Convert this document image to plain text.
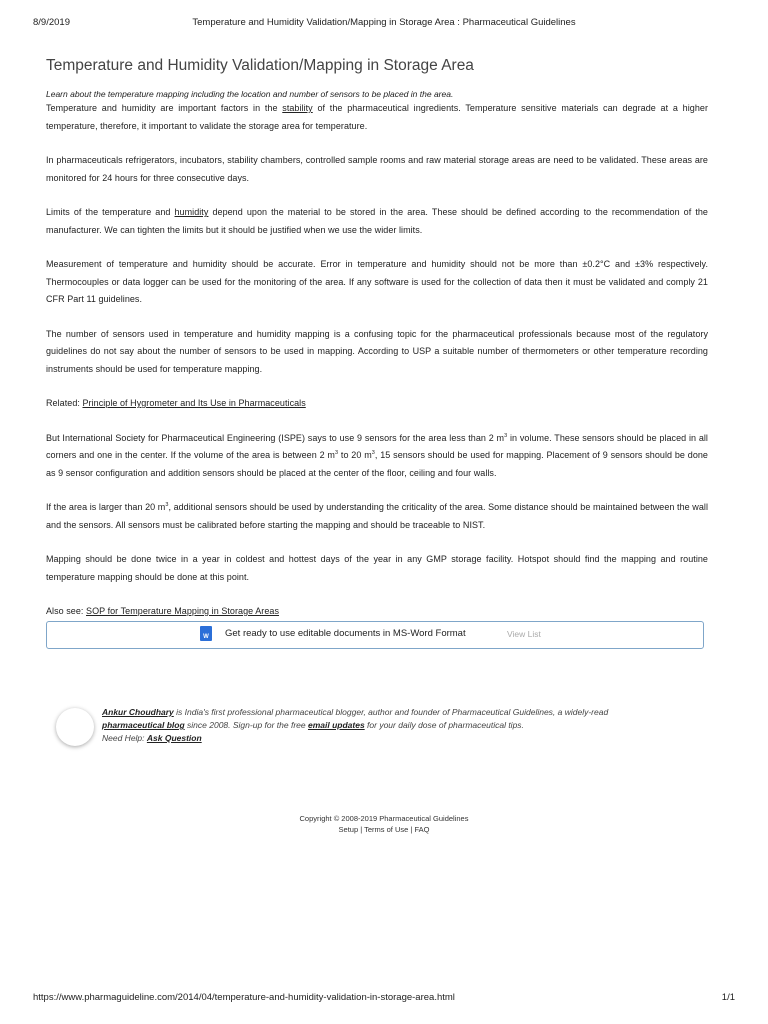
8/9/2019	Temperature and Humidity Validation/Mapping in Storage Area : Pharmaceutical Guidelines
Temperature and Humidity Validation/Mapping in Storage Area

Learn about the temperature mapping including the location and number of sensors to be placed in the area.

Temperature and humidity are important factors in the stability of the pharmaceutical ingredients. Temperature sensitive materials can degrade at a higher temperature, therefore, it important to validate the storage area for temperature.

In pharmaceuticals refrigerators, incubators, stability chambers, controlled sample rooms and raw material storage areas are need to be validated. These areas are monitored for 24 hours for three consecutive days.

Limits of the temperature and humidity depend upon the material to be stored in the area. These should be defined according to the recommendation of the manufacturer. We can tighten the limits but it should be justified when we use the wider limits.

Measurement of temperature and humidity should be accurate. Error in temperature and humidity should not be more than ±0.2°C and ±3% respectively. Thermocouples or data logger can be used for the monitoring of the area. If any software is used for the collection of data then it must be validated and comply 21 CFR Part 11 guidelines.

The number of sensors used in temperature and humidity mapping is a confusing topic for the pharmaceutical professionals because most of the regulatory guidelines do not say about the number of sensors to be used in mapping. According to USP a suitable number of thermometers or other temperature recording instruments should be used for temperature mapping.

Related: Principle of Hygrometer and Its Use in Pharmaceuticals

But International Society for Pharmaceutical Engineering (ISPE) says to use 9 sensors for the area less than 2 $m^3$ in volume. These sensors should be placed in all corners and one in the center. If the volume of the area is between 2 $m^3$ to 20 $m^3$, 15 sensors should be used for mapping. Placement of 9 sensors should be done as 9 sensor configuration and addition sensors should be placed at the center of the floor, ceiling and four walls.

If the area is larger than 20 $m^3$, additional sensors should be used by understanding the criticality of the area. Some distance should be maintained between the wall and the sensors. All sensors must be calibrated before starting the mapping and should be traceable to NIST.

Mapping should be done twice in a year in coldest and hottest days of the year in any GMP storage facility. Hotspot should find the mapping and routine temperature mapping should be done at this point.

Also see: SOP for Temperature Mapping in Storage Areas

W	Get ready to use editable documents in MS-Word Format	View List
Ankur Choudhary is India's first professional pharmaceutical blogger, author and founder of Pharmaceutical Guidelines, a widely-read pharmaceutical blog since 2008. Sign-up for the free email updates for your daily dose of pharmaceutical tips.
Need Help: Ask Question
Copyright © 2008-2019 Pharmaceutical Guidelines
Setup | Terms of Use | FAQ
https://www.pharmaguideline.com/2014/04/temperature-and-humidity-validation-in-storage-area.html	1/1
